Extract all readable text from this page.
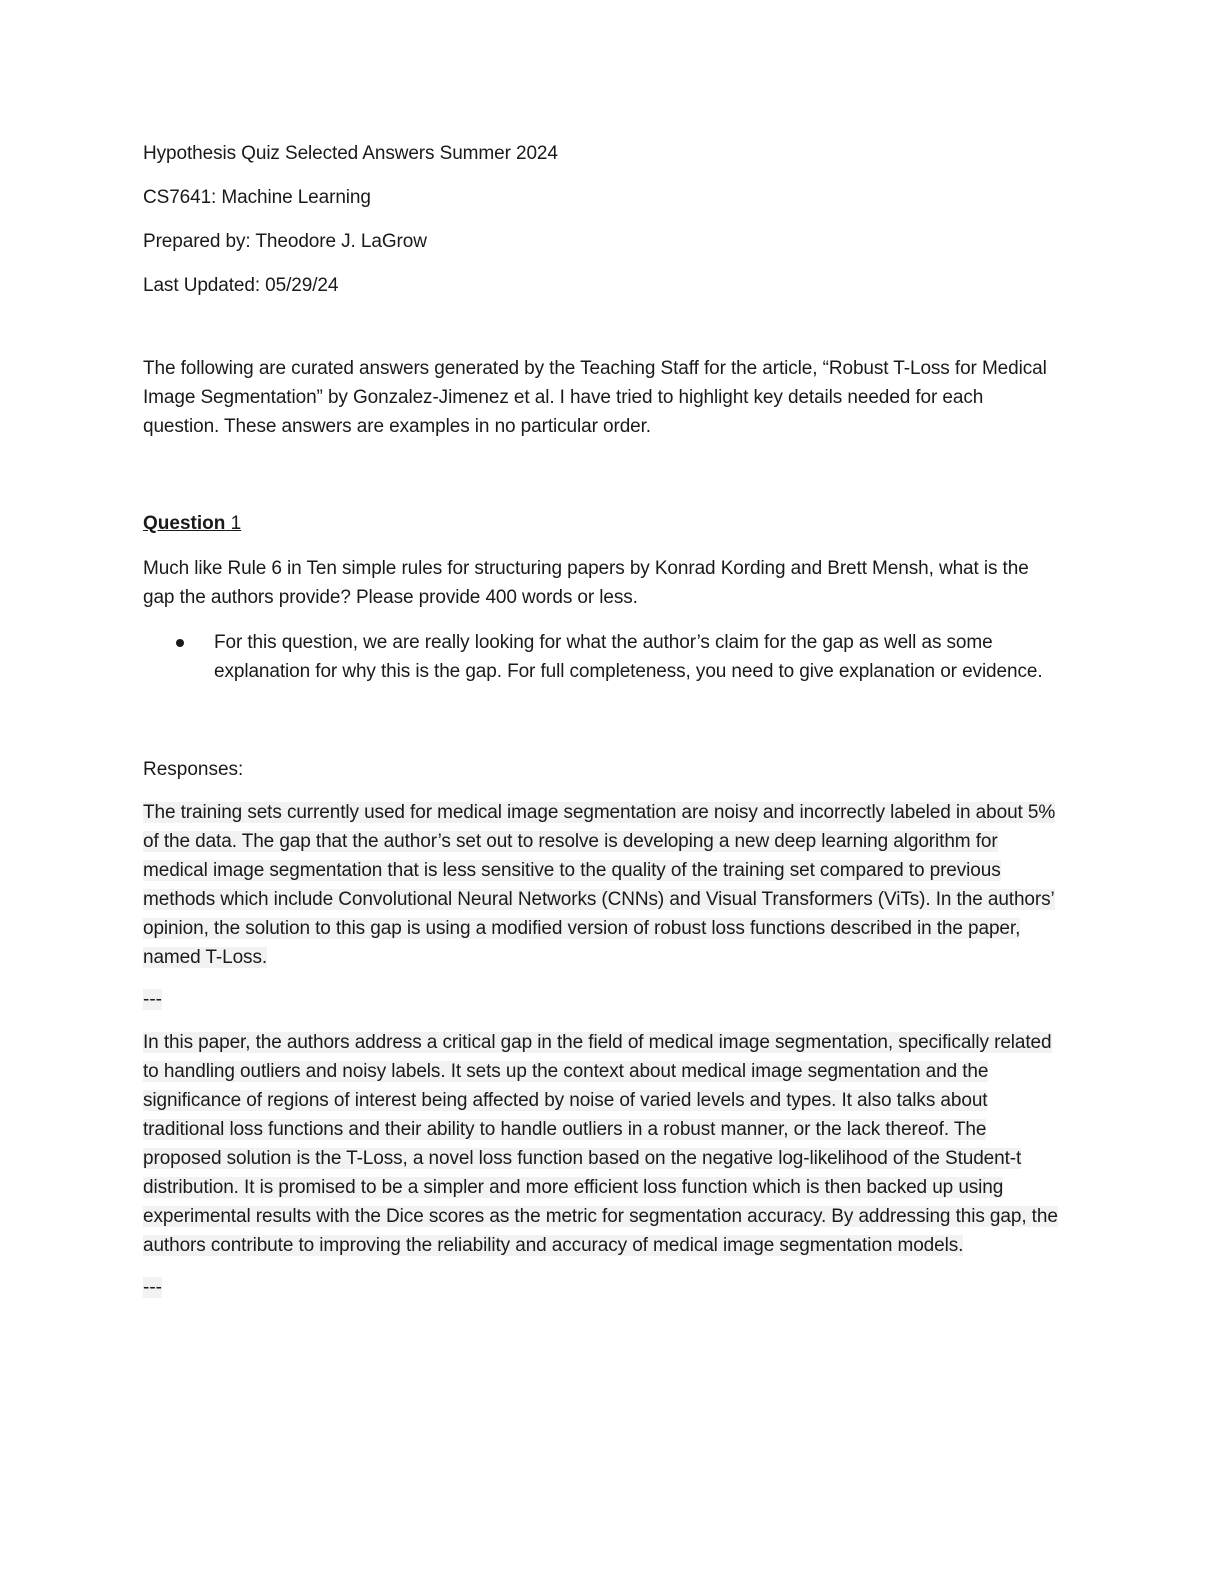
Hypothesis Quiz Selected Answers Summer 2024

CS7641: Machine Learning

Prepared by: Theodore J. LaGrow

Last Updated: 05/29/24

The following are curated answers generated by the Teaching Staff for the article, “Robust T-Loss for Medical Image Segmentation” by Gonzalez-Jimenez et al. I have tried to highlight key details needed for each question. These answers are examples in no particular order.

Question 1

Much like Rule 6 in Ten simple rules for structuring papers by Konrad Kording and Brett Mensh, what is the gap the authors provide? Please provide 400 words or less.

For this question, we are really looking for what the author’s claim for the gap as well as some explanation for why this is the gap. For full completeness, you need to give explanation or evidence.

Responses:

The training sets currently used for medical image segmentation are noisy and incorrectly labeled in about 5% of the data. The gap that the author’s set out to resolve is developing a new deep learning algorithm for medical image segmentation that is less sensitive to the quality of the training set compared to previous methods which include Convolutional Neural Networks (CNNs) and Visual Transformers (ViTs). In the authors’ opinion, the solution to this gap is using a modified version of robust loss functions described in the paper, named T-Loss.

---

In this paper, the authors address a critical gap in the field of medical image segmentation, specifically related to handling outliers and noisy labels. It sets up the context about medical image segmentation and the significance of regions of interest being affected by noise of varied levels and types. It also talks about traditional loss functions and their ability to handle outliers in a robust manner, or the lack thereof. The proposed solution is the T-Loss, a novel loss function based on the negative log-likelihood of the Student-t distribution. It is promised to be a simpler and more efficient loss function which is then backed up using experimental results with the Dice scores as the metric for segmentation accuracy. By addressing this gap, the authors contribute to improving the reliability and accuracy of medical image segmentation models.

---
